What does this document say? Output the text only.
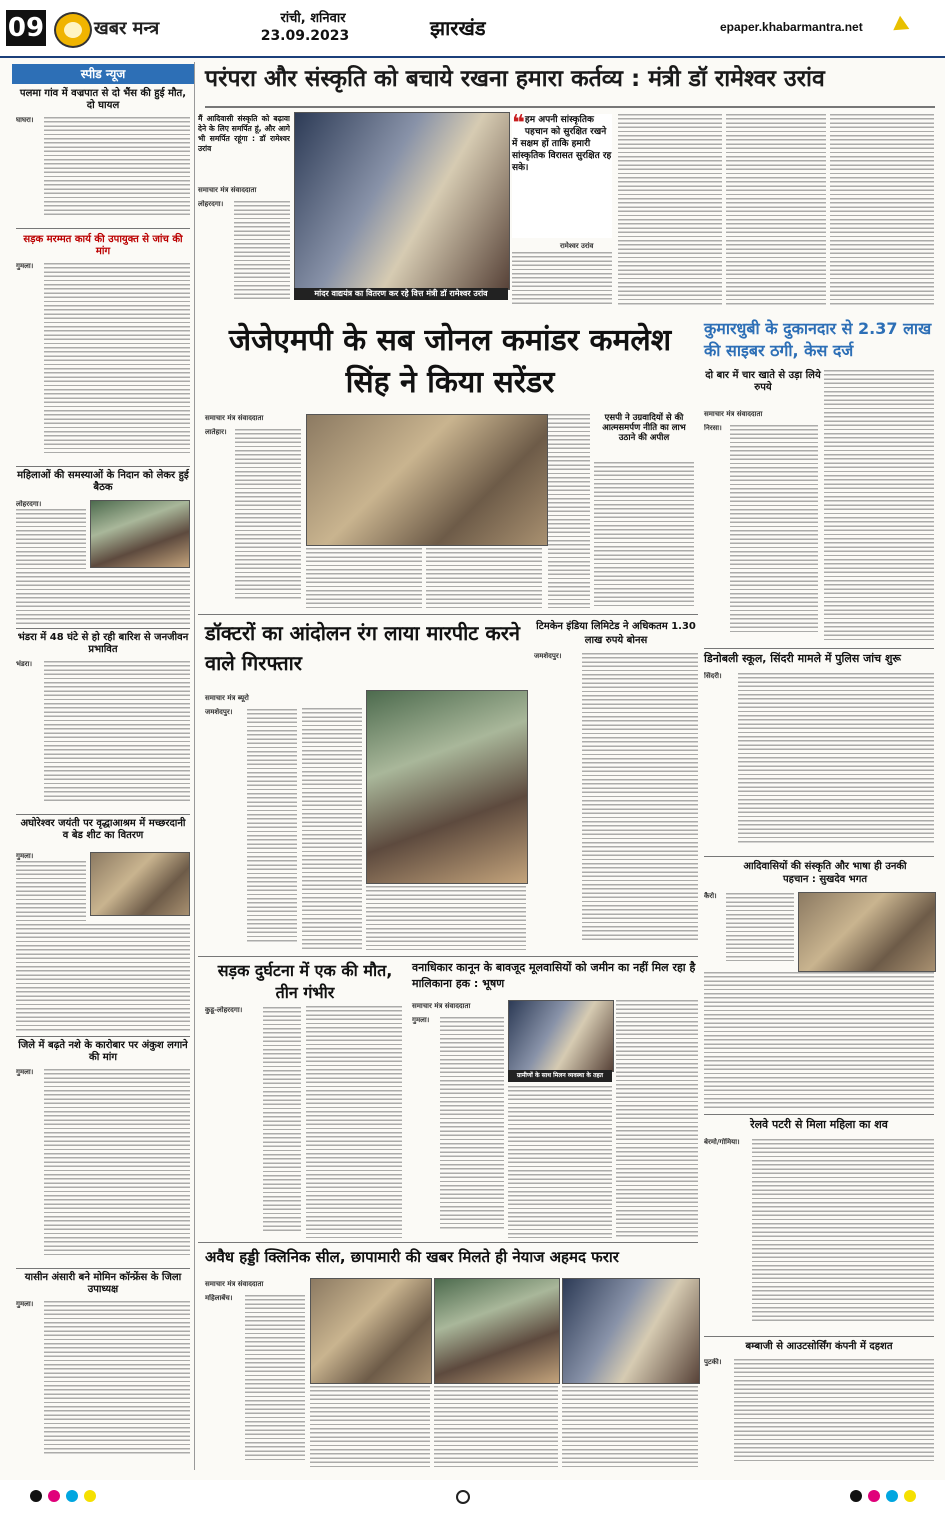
09	खबर मन्त्र	रांची, शनिवार
23.09.2023	झारखंड	epaper.khabarmantra.net
स्पीड न्यूज
पलमा गांव में वज्रपात से दो भैंस की हुई मौत, दो घायल
घाघरा।
सड़क मरम्मत कार्य की उपायुक्त से जांच की मांग
गुमला।
महिलाओं की समस्याओं के निदान को लेकर हुई बैठक
लोहरदगा।
भंडरा में 48 घंटे से हो रही बारिश से जनजीवन प्रभावित
भंडरा।
अघोरेश्वर जयंती पर वृद्धाआश्रम में मच्छरदानी व बेड शीट का वितरण
गुमला।
जिले में बढ़ते नशे के कारोबार पर अंकुश लगाने की मांग
गुमला।
यासीन अंसारी बने मोमिन कॉन्फ्रेंस के जिला उपाध्यक्ष
गुमला।
परंपरा और संस्कृति को बचाये रखना हमारा कर्तव्य : मंत्री डॉ रामेश्वर उरांव
मैं आदिवासी संस्कृति को बढ़ावा देने के लिए समर्पित हूं, और आगे भी समर्पित रहूंगा : डॉ रामेश्वर उरांव
समाचार मंत्र संवाददाता
लोहरदगा।
मांदर वाद्ययंत्र का वितरण कर रहे वित्त मंत्री डॉ रामेश्वर उरांव
❝ हम अपनी सांस्कृतिक पहचान को सुरक्षित रखने में सक्षम हों ताकि हमारी सांस्कृतिक विरासत सुरक्षित रह सके।
रामेश्वर उरांव
जेजेएमपी के सब जोनल कमांडर कमलेश सिंह ने किया सरेंडर
समाचार मंत्र संवाददाता
लातेहार।
एसपी ने उग्रवादियों से की आत्मसमर्पण नीति का लाभ उठाने की अपील
कुमारधुबी के दुकानदार से 2.37 लाख की साइबर ठगी, केस दर्ज
दो बार में चार खाते से उड़ा लिये रुपये
समाचार मंत्र संवाददाता
निरसा।
डॉक्टरों का आंदोलन रंग लाया मारपीट करने वाले गिरफ्तार
समाचार मंत्र ब्यूरो
जमशेदपुर।
टिमकेन इंडिया लिमिटेड ने अधिकतम 1.30 लाख रुपये बोनस
जमशेदपुर।	डिनोबली स्कूल, सिंदरी मामले में पुलिस जांच शुरू
सिंदरी।
आदिवासियों की संस्कृति और भाषा ही उनकी पहचान : सुखदेव भगत
कैरो।
सड़क दुर्घटना में एक की मौत, तीन गंभीर
कुडू-लोहरदगा।
वनाधिकार कानून के बावजूद मूलवासियों को जमीन का नहीं मिल रहा है मालिकाना हक : भूषण
समाचार मंत्र संवाददाता
गुमला।
ग्रामीणों के साथ मिलन व्यवस्था के तहत
रेलवे पटरी से मिला महिला का शव
बेरमो/गोमिया।
अवैध हड्डी क्लिनिक सील, छापामारी की खबर मिलते ही नेयाज अहमद फरार
समाचार मंत्र संवाददाता
महिलाबेंच।
बम्बाजी से आउटसोर्सिंग कंपनी में दहशत
पुटकी।
